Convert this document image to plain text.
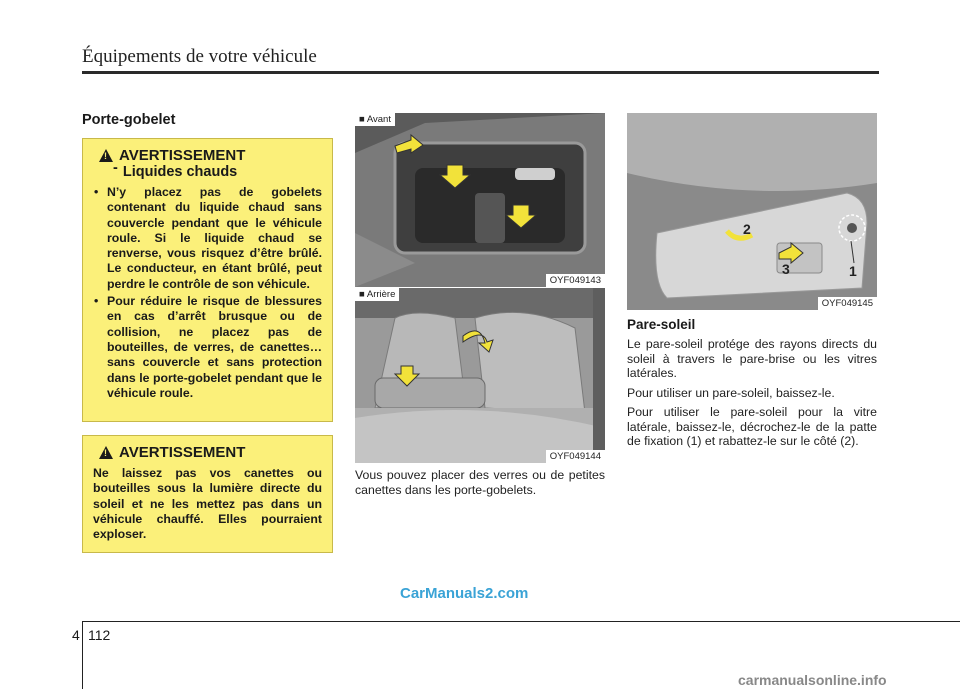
Équipements de votre véhicule
Porte-gobelet
!
AVERTISSEMENT
- Liquides chauds
• N’y placez pas de gobelets contenant du liquide chaud sans couvercle pendant que le véhicule roule. Si le liquide chaud se renverse, vous risquez d’être brûlé. Le conducteur, en étant brûlé, peut perdre le contrôle de son véhicule.
• Pour réduire le risque de blessures en cas d’arrêt brusque ou de collision, ne placez pas de bouteilles, de verres, de canettes…sans couvercle et sans protection dans le porte-gobelet pendant que le véhicule roule.
!
AVERTISSEMENT
Ne laissez pas vos canettes ou bouteilles sous la lumière directe du soleil et ne les mettez pas dans un véhicule chauffé. Elles pourraient exploser.
■ Avant
OYF049143
■ Arrière
OYF049144
Vous pouvez placer des verres ou de petites canettes dans les porte-gobelets.
2
3	1
OYF049145
Pare-soleil

Le pare-soleil protége des rayons directs du soleil à travers le pare-brise ou les vitres latérales.

Pour utiliser un pare-soleil, baissez-le.

Pour utiliser le pare-soleil pour la vitre latérale, baissez-le, décrochez-le de la patte de fixation (1) et rabattez-le sur le côté (2).

CarManuals2.com
4 112
carmanualsonline.info
